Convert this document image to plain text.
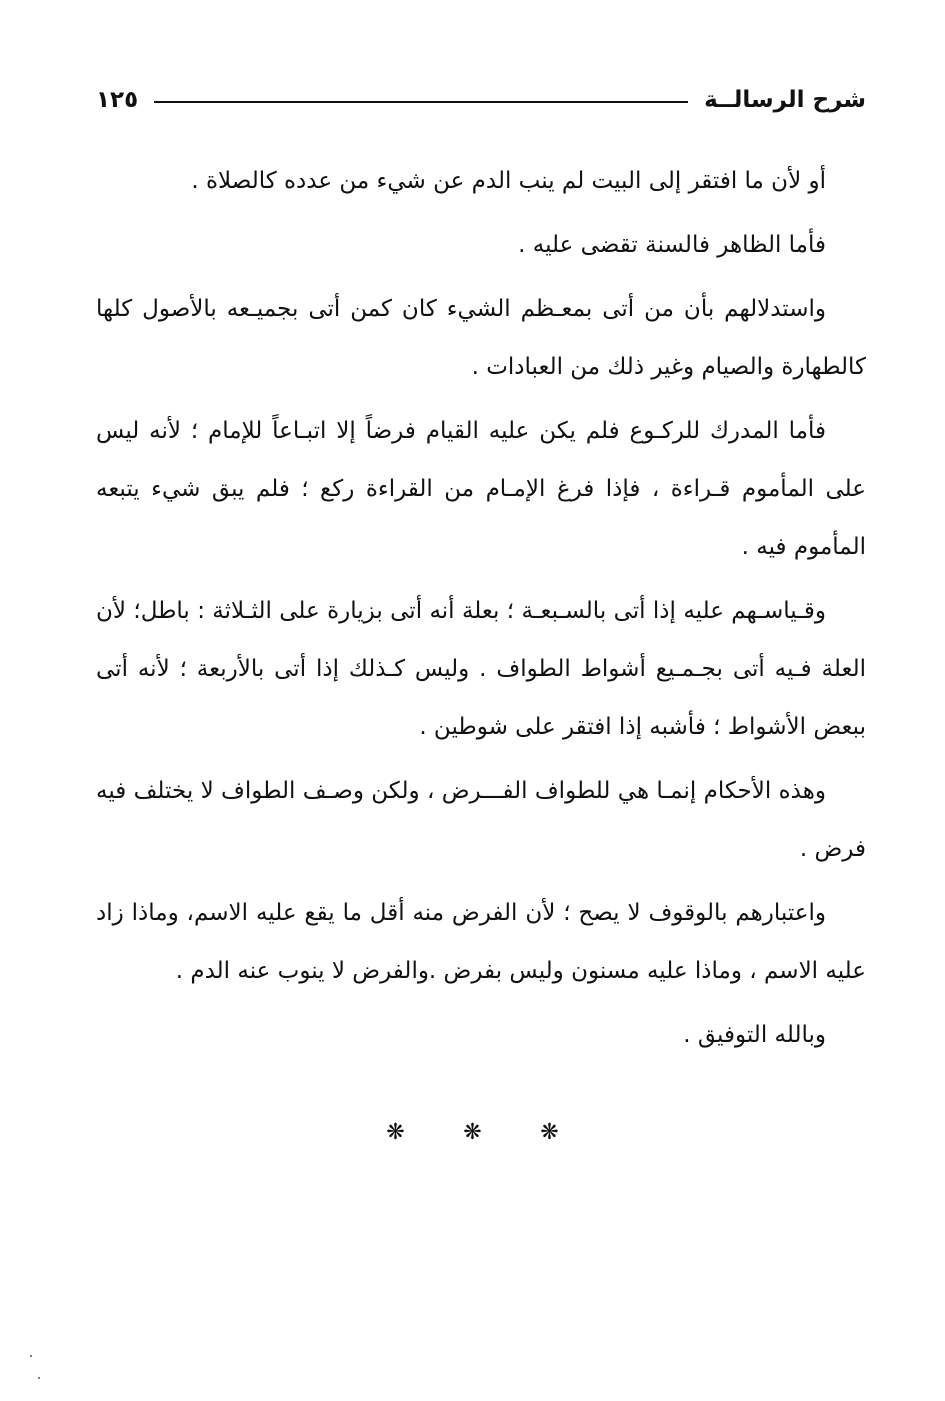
شرح الرسالــة
١٢٥

أو لأن ما افتقر إلى البيت لم ينب الدم عن شيء من عدده كالصلاة .

فأما الظاهر فالسنة تقضى عليه .

واستدلالهم بأن من أتى بمعـظم الشيء كان كمن أتى بجميـعه بالأصول كلها كالطهارة والصيام وغير ذلك من العبادات .

فأما المدرك للركـوع فلم يكن عليه القيام فرضاً إلا اتبـاعاً للإمام ؛ لأنه ليس على المأموم قـراءة ، فإذا فرغ الإمـام من القراءة ركع ؛ فلم يبق شيء يتبعه المأموم فيه .

وقـياسـهم عليه إذا أتى بالسـبعـة ؛ بعلة أنه أتى بزيارة على الثـلاثة : باطل؛ لأن العلة فـيه أتى بجـمـيع أشواط الطواف . وليس كـذلك إذا أتى بالأربعة ؛ لأنه أتى ببعض الأشواط ؛ فأشبه إذا افتقر على شوطين .

وهذه الأحكام إنمـا هي للطواف الفـــرض ، ولكن وصـف الطواف لا يختلف فيه فرض .

واعتبارهم بالوقوف لا يصح ؛ لأن الفرض منه أقل ما يقع عليه الاسم، وماذا زاد عليه الاسم ، وماذا عليه مسنون وليس بفرض .والفرض لا ينوب عنه الدم .

وبالله التوفيق .

❋	❋	❋
